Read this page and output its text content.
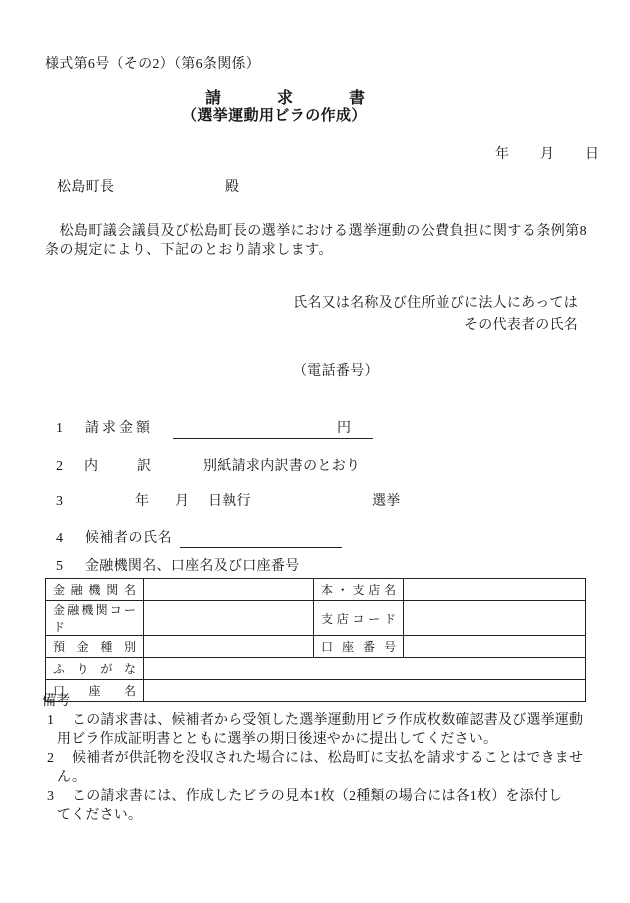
様式第6号（その2）（第6条関係）
請求書
（選挙運動用ビラの作成）
年 月 日
松島町長	殿
　松島町議会議員及び松島町長の選挙における選挙運動の公費負担に関する条例第8
条の規定により、下記のとおり請求します。
氏名又は名称及び住所並びに法人にあっては
その代表者の氏名
（電話番号）
1 請求金額	円
2 内	訳	別紙請求内訳書のとおり
3	年 月 日執行	選挙
4 候補者の氏名
5 金融機関名、口座名及び口座番号
金融機関名		本・支店名	
金融機関コード		支店コード	
預金種別		口座番号	
ふりがな			
口座名			
備考
1 この請求書は、候補者から受領した選挙運動用ビラ作成枚数確認書及び選挙運動
用ビラ作成証明書とともに選挙の期日後速やかに提出してください。
2 候補者が供託物を没収された場合には、松島町に支払を請求することはできませ
ん。
3 この請求書には、作成したビラの見本1枚（2種類の場合には各1枚）を添付し
てください。
